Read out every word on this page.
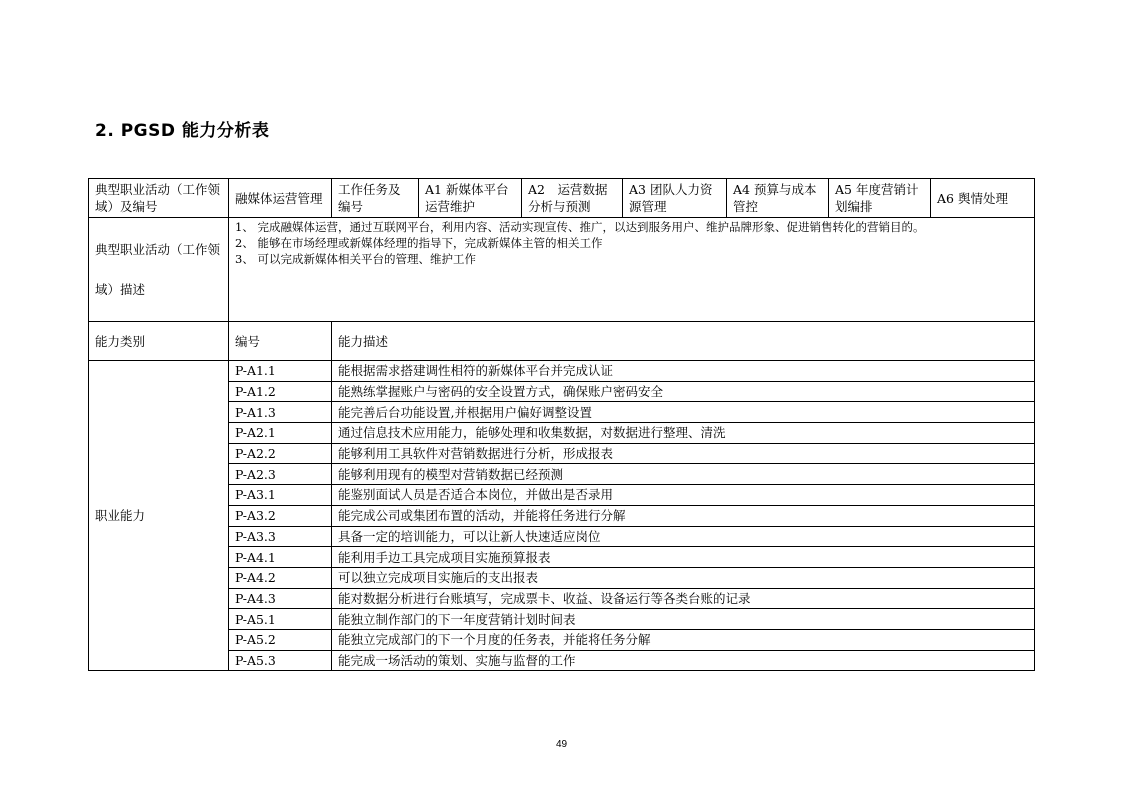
2. PGSD 能力分析表
典型职业活动（工作领域）及编号	融媒体运营管理	工作任务及编号	A1 新媒体平台运营维护	A2　运营数据分析与预测	A3 团队人力资源管理	A4 预算与成本管控	A5 年度营销计划编排	A6 舆情处理
典型职业活动（工作领域）描述	1、 完成融媒体运营，通过互联网平台，利用内容、活动实现宣传、推广，以达到服务用户、维护品牌形象、促进销售转化的营销目的。
2、 能够在市场经理或新媒体经理的指导下，完成新媒体主管的相关工作
3、 可以完成新媒体相关平台的管理、维护工作							

能力类别	编号	能力描述						
职业能力	P-A1.1	能根据需求搭建调性相符的新媒体平台并完成认证						
	P-A1.2	能熟练掌握账户与密码的安全设置方式，确保账户密码安全						
	P-A1.3	能完善后台功能设置,并根据用户偏好调整设置						
	P-A2.1	通过信息技术应用能力，能够处理和收集数据，对数据进行整理、清洗						
	P-A2.2	能够利用工具软件对营销数据进行分析，形成报表						
	P-A2.3	能够利用现有的模型对营销数据已经预测						
	P-A3.1	能鉴别面试人员是否适合本岗位，并做出是否录用						
	P-A3.2	能完成公司或集团布置的活动，并能将任务进行分解						
	P-A3.3	具备一定的培训能力，可以让新人快速适应岗位						
	P-A4.1	能利用手边工具完成项目实施预算报表						
	P-A4.2	可以独立完成项目实施后的支出报表						
	P-A4.3	能对数据分析进行台账填写，完成票卡、收益、设备运行等各类台账的记录						
	P-A5.1	能独立制作部门的下一年度营销计划时间表						
	P-A5.2	能独立完成部门的下一个月度的任务表，并能将任务分解						
	P-A5.3	能完成一场活动的策划、实施与监督的工作						
49
